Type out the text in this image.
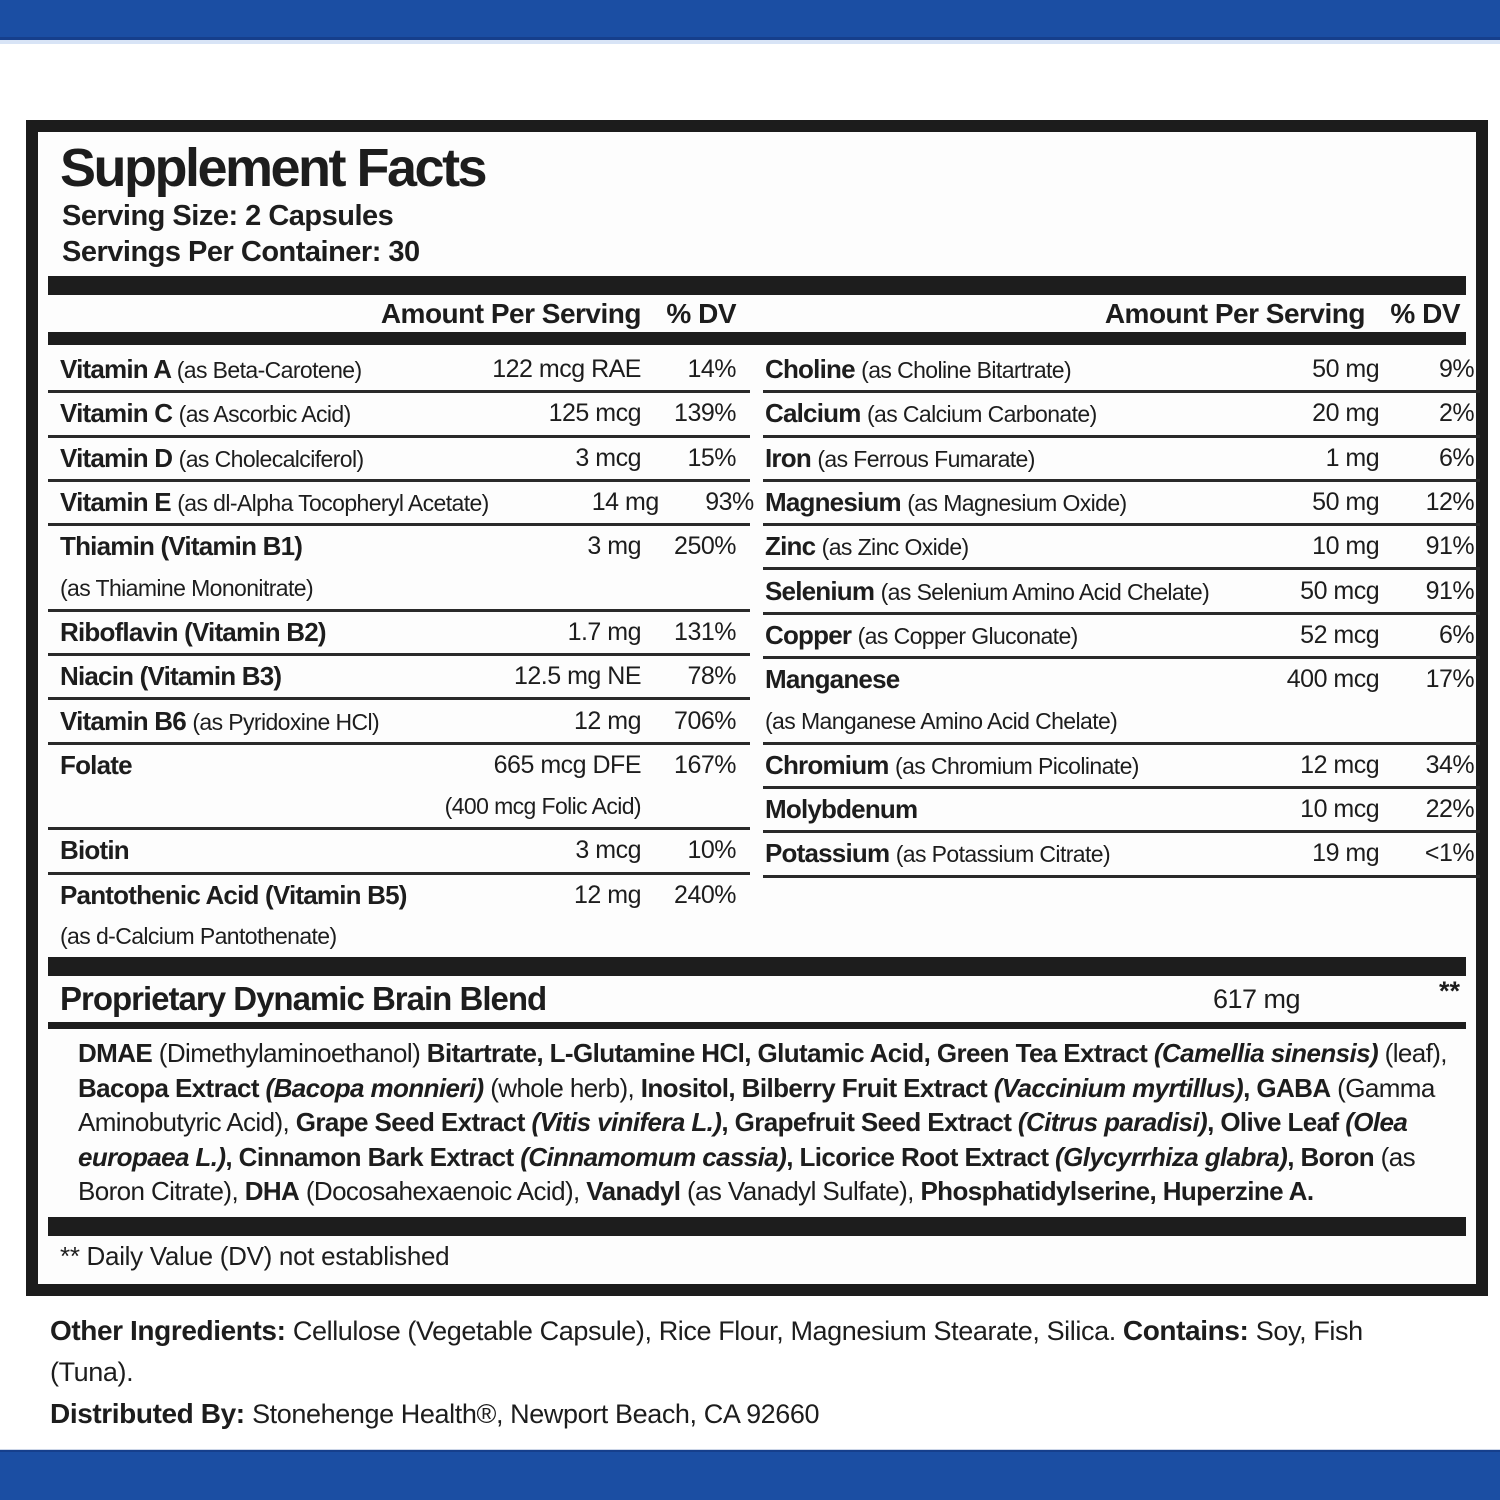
Supplement Facts
Serving Size: 2 Capsules
Servings Per Container: 30
Amount Per Serving % DV	Amount Per Serving % DV
Vitamin A (as Beta-Carotene)	122 mcg RAE	14%
Vitamin C (as Ascorbic Acid)	125 mcg	139%
Vitamin D (as Cholecalciferol)	3 mcg	15%
Vitamin E (as dl-Alpha Tocopheryl Acetate)	14 mg	93%
Thiamin (Vitamin B1)	3 mg	250%
(as Thiamine Mononitrate)
Riboflavin (Vitamin B2)	1.7 mg	131%
Niacin (Vitamin B3)	12.5 mg NE	78%
Vitamin B6 (as Pyridoxine HCl)	12 mg	706%
Folate	665 mcg DFE	167%
(400 mcg Folic Acid)
Biotin	3 mcg	10%
Pantothenic Acid (Vitamin B5)	12 mg	240%
(as d-Calcium Pantothenate)
Choline (as Choline Bitartrate)	50 mg	9%
Calcium (as Calcium Carbonate)	20 mg	2%
Iron (as Ferrous Fumarate)	1 mg	6%
Magnesium (as Magnesium Oxide)	50 mg	12%
Zinc (as Zinc Oxide)	10 mg	91%
Selenium (as Selenium Amino Acid Chelate)	50 mcg	91%
Copper (as Copper Gluconate)	52 mcg	6%
Manganese	400 mcg	17%
(as Manganese Amino Acid Chelate)
Chromium (as Chromium Picolinate)	12 mcg	34%
Molybdenum	10 mcg	22%
Potassium (as Potassium Citrate)	19 mg	<1%
Proprietary Dynamic Brain Blend	617 mg	**
DMAE (Dimethylaminoethanol) Bitartrate, L-Glutamine HCl, Glutamic Acid, Green Tea Extract (Camellia sinensis) (leaf), Bacopa Extract (Bacopa monnieri) (whole herb), Inositol, Bilberry Fruit Extract (Vaccinium myrtillus), GABA (Gamma Aminobutyric Acid), Grape Seed Extract (Vitis vinifera L.), Grapefruit Seed Extract (Citrus paradisi), Olive Leaf (Olea europaea L.), Cinnamon Bark Extract (Cinnamomum cassia), Licorice Root Extract (Glycyrrhiza glabra), Boron (as Boron Citrate), DHA (Docosahexaenoic Acid), Vanadyl (as Vanadyl Sulfate), Phosphatidylserine, Huperzine A.
** Daily Value (DV) not established
Other Ingredients: Cellulose (Vegetable Capsule), Rice Flour, Magnesium Stearate, Silica. Contains: Soy, Fish (Tuna).
Distributed By: Stonehenge Health®, Newport Beach, CA 92660
